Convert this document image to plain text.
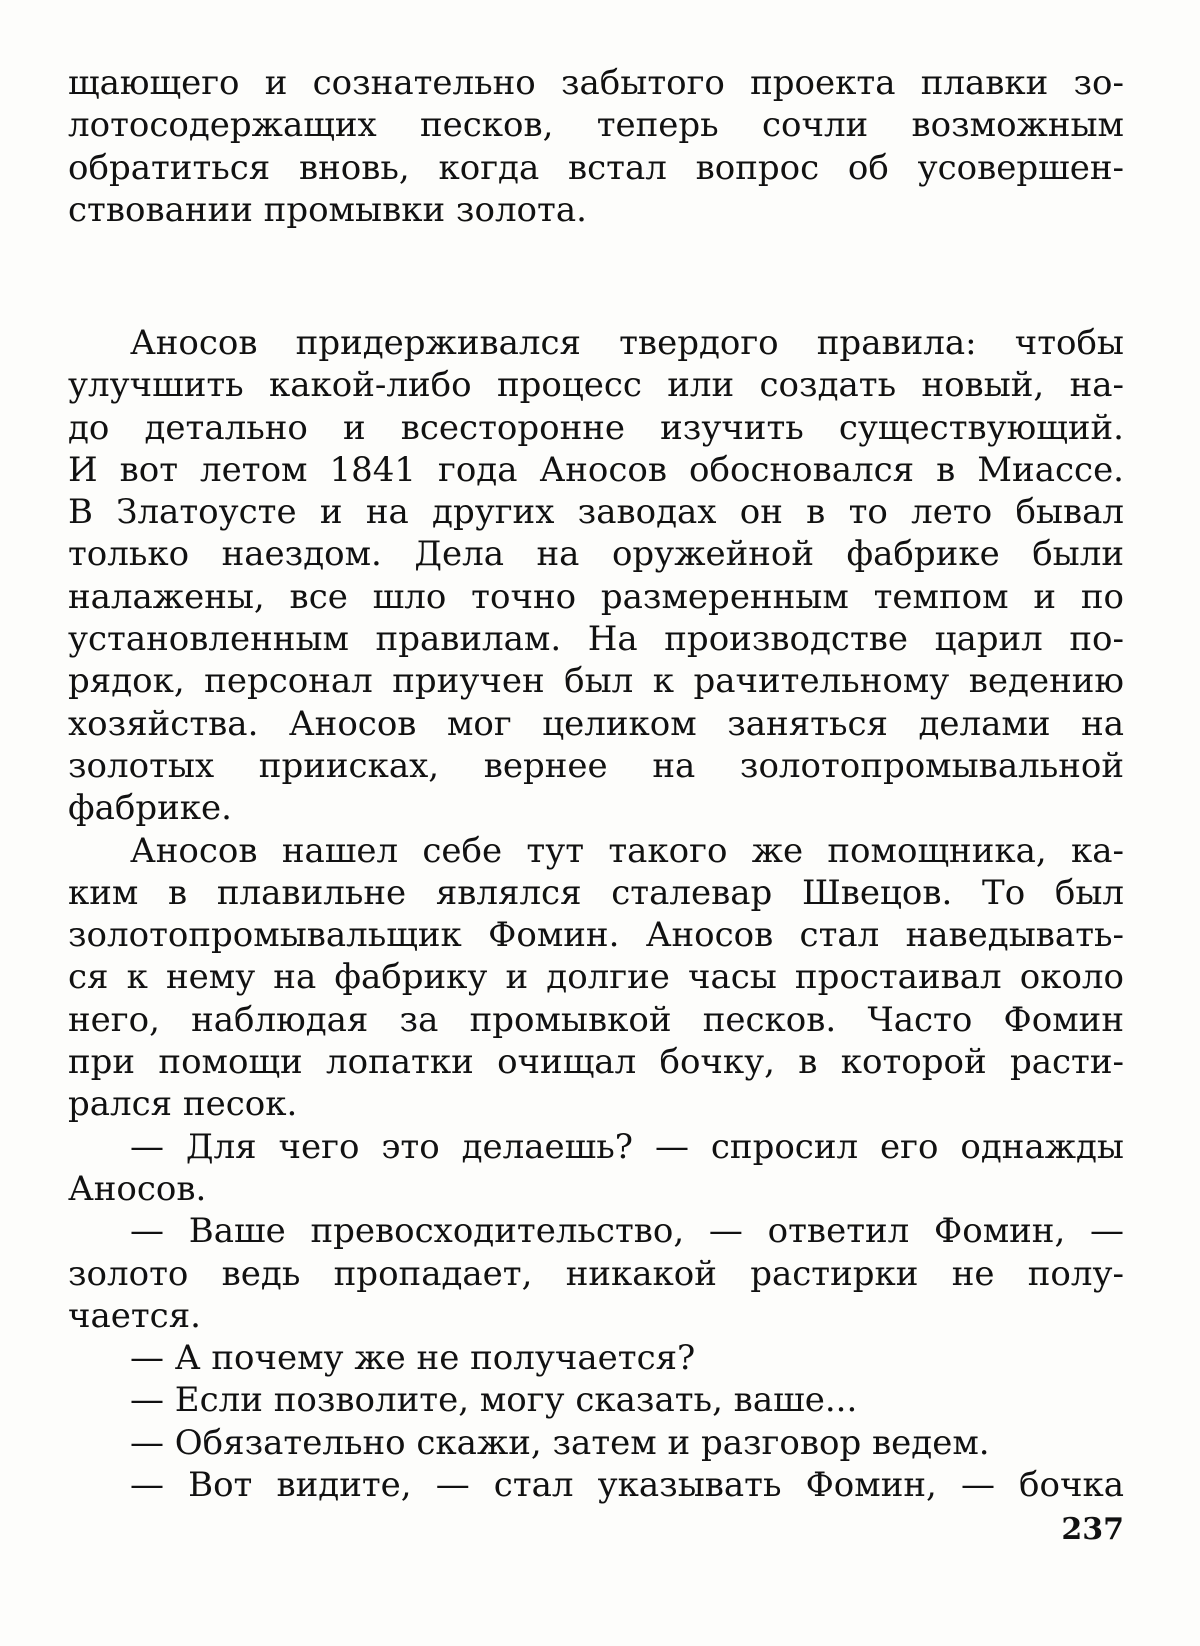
щающего и сознательно забытого проекта плавки зо-
лотосодержащих песков, теперь сочли возможным
обратиться вновь, когда встал вопрос об усовершен-
ствовании промывки золота.
Аносов придерживался твердого правила: чтобы
улучшить какой-либо процесс или создать новый, на-
до детально и всесторонне изучить существующий.
И вот летом 1841 года Аносов обосновался в Миассе.
В Златоусте и на других заводах он в то лето бывал
только наездом. Дела на оружейной фабрике были
налажены, все шло точно размеренным темпом и по
установленным правилам. На производстве царил по-
рядок, персонал приучен был к рачительному ведению
хозяйства. Аносов мог целиком заняться делами на
золотых приисках, вернее на золотопромывальной
фабрике.
Аносов нашел себе тут такого же помощника, ка-
ким в плавильне являлся сталевар Швецов. То был
золотопромывальщик Фомин. Аносов стал наведывать-
ся к нему на фабрику и долгие часы простаивал около
него, наблюдая за промывкой песков. Часто Фомин
при помощи лопатки очищал бочку, в которой расти-
рался песок.
— Для чего это делаешь? — спросил его однажды
Аносов.
— Ваше превосходительство, — ответил Фомин, —
золото ведь пропадает, никакой растирки не полу-
чается.
— А почему же не получается?
— Если позволите, могу сказать, ваше...
— Обязательно скажи, затем и разговор ведем.
— Вот видите, — стал указывать Фомин, — бочка
237
